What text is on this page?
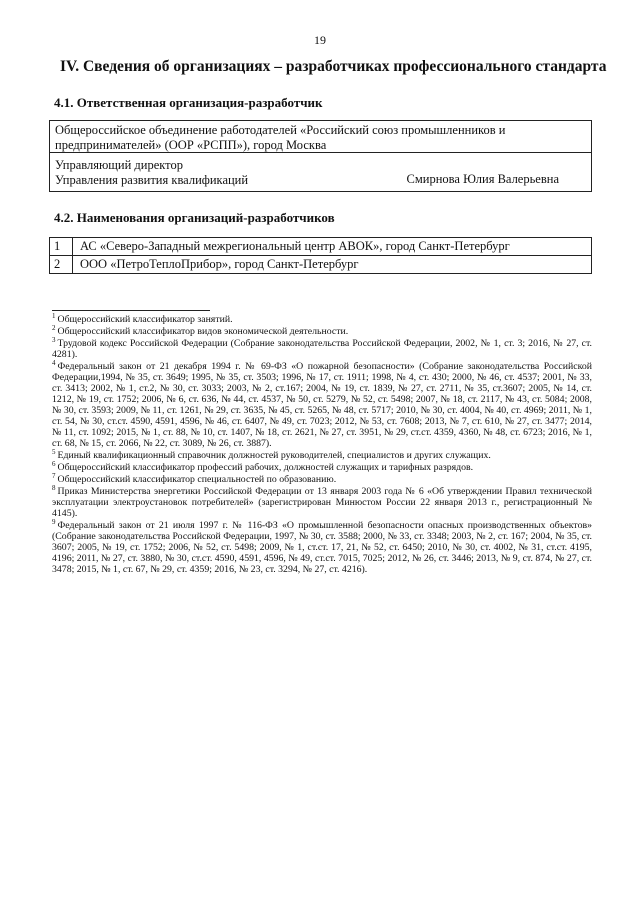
19
IV. Сведения об организациях – разработчиках профессионального стандарта
4.1. Ответственная организация-разработчик
Общероссийское объединение работодателей «Российский союз промышленников и предпринимателей» (ООР «РСПП»), город Москва
Управляющий директор
Управления развития квалификаций	Смирнова Юлия Валерьевна
4.2. Наименования организаций-разработчиков
1	АС «Северо-Западный межрегиональный центр АВОК», город Санкт-Петербург
2	ООО «ПетроТеплоПрибор», город Санкт-Петербург

$^1$ Общероссийский классификатор занятий.

$^2$ Общероссийский классификатор видов экономической деятельности.

$^3$ Трудовой кодекс Российской Федерации (Собрание законодательства Российской Федерации, 2002, № 1, ст. 3; 2016, № 27, ст. 4281).

$^4$ Федеральный закон от 21 декабря 1994 г. № 69-ФЗ «О пожарной безопасности» (Собрание законодательства Российской Федерации,1994, № 35, ст. 3649; 1995, № 35, ст. 3503; 1996, № 17, ст. 1911; 1998, № 4, ст. 430; 2000, № 46, ст. 4537; 2001, № 33, ст. 3413; 2002, № 1, ст.2, № 30, ст. 3033; 2003, № 2, ст.167; 2004, № 19, ст. 1839, № 27, ст. 2711, № 35, ст.3607; 2005, № 14, ст. 1212, № 19, ст. 1752; 2006, № 6, ст. 636, № 44, ст. 4537, № 50, ст. 5279, № 52, ст. 5498; 2007, № 18, ст. 2117, № 43, ст. 5084; 2008, № 30, ст. 3593; 2009, № 11, ст. 1261, № 29, ст. 3635, № 45, ст. 5265, № 48, ст. 5717; 2010, № 30, ст. 4004, № 40, ст. 4969; 2011, № 1, ст. 54, № 30, ст.ст. 4590, 4591, 4596, № 46, ст. 6407, № 49, ст. 7023; 2012, № 53, ст. 7608; 2013, № 7, ст. 610, № 27, ст. 3477; 2014, № 11, ст. 1092; 2015, № 1, ст. 88, № 10, ст. 1407, № 18, ст. 2621, № 27, ст. 3951, № 29, ст.ст. 4359, 4360, № 48, ст. 6723; 2016, № 1, ст. 68, № 15, ст. 2066, № 22, ст. 3089, № 26, ст. 3887).

$^5$ Единый квалификационный справочник должностей руководителей, специалистов и других служащих.

$^6$ Общероссийский классификатор профессий рабочих, должностей служащих и тарифных разрядов.

$^7$ Общероссийский классификатор специальностей по образованию.

$^8$ Приказ Министерства энергетики Российской Федерации от 13 января 2003 года № 6 «Об утверждении Правил технической эксплуатации электроустановок потребителей» (зарегистрирован Минюстом России 22 января 2013 г., регистрационный № 4145).

$^9$ Федеральный закон от 21 июля 1997 г. № 116-ФЗ «О промышленной безопасности опасных производственных объектов» (Собрание законодательства Российской Федерации, 1997, № 30, ст. 3588; 2000, № 33, ст. 3348; 2003, № 2, ст. 167; 2004, № 35, ст. 3607; 2005, № 19, ст. 1752; 2006, № 52, ст. 5498; 2009, № 1, ст.ст. 17, 21, № 52, ст. 6450; 2010, № 30, ст. 4002, № 31, ст.ст. 4195, 4196; 2011, № 27, ст. 3880, № 30, ст.ст. 4590, 4591, 4596, № 49, ст.ст. 7015, 7025; 2012, № 26, ст. 3446; 2013, № 9, ст. 874, № 27, ст. 3478; 2015, № 1, ст. 67, № 29, ст. 4359; 2016, № 23, ст. 3294, № 27, ст. 4216).
